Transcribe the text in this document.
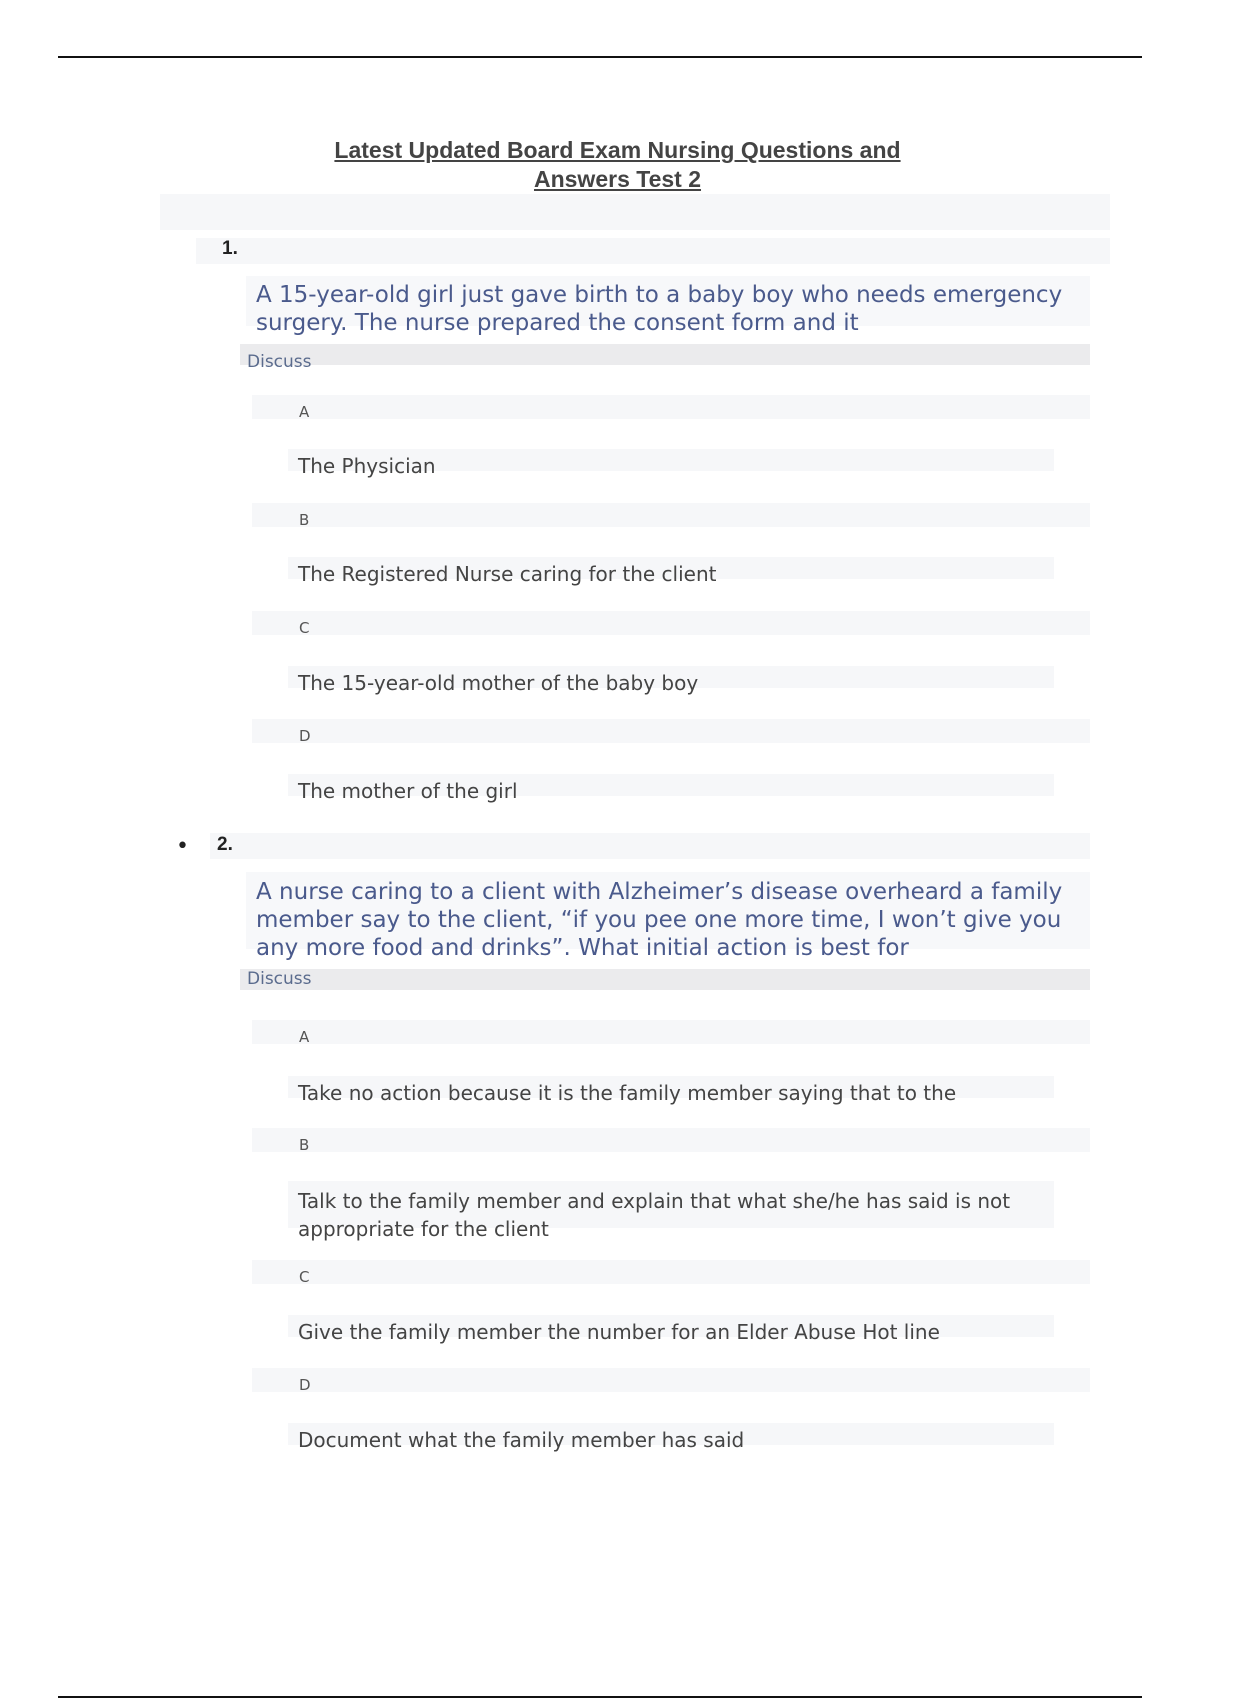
Latest Updated Board Exam Nursing Questions and
Answers Test 2
1.

A 15-year-old girl just gave birth to a baby boy who needs emergency surgery. The nurse prepared the consent form and it

Discuss
A
The Physician
B
The Registered Nurse caring for the client
C
The 15-year-old mother of the baby boy
D
The mother of the girl
• 2.

A nurse caring to a client with Alzheimer’s disease overheard a family member say to the client, “if you pee one more time, I won’t give you any more food and drinks”. What initial action is best for

Discuss
A
Take no action because it is the family member saying that to the
B
Talk to the family member and explain that what she/he has said is not appropriate for the client
C
Give the family member the number for an Elder Abuse Hot line
D
Document what the family member has said
